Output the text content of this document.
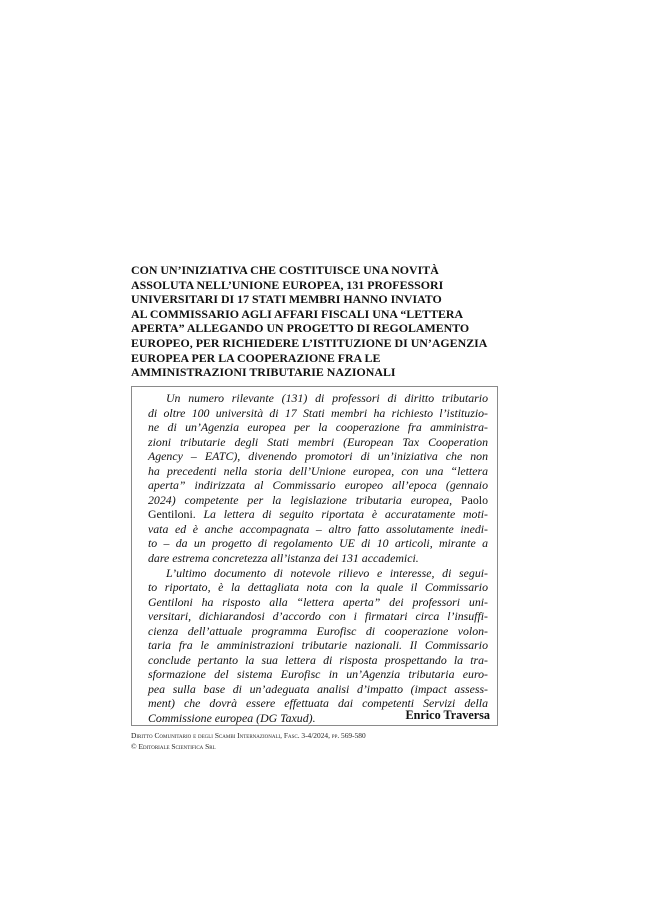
CON UN’INIZIATIVA CHE COSTITUISCE UNA NOVITÀ
ASSOLUTA NELL’UNIONE EUROPEA, 131 PROFESSORI
UNIVERSITARI DI 17 STATI MEMBRI HANNO INVIATO
AL COMMISSARIO AGLI AFFARI FISCALI UNA “LETTERA
APERTA” ALLEGANDO UN PROGETTO DI REGOLAMENTO
EUROPEO, PER RICHIEDERE L’ISTITUZIONE DI UN’AGENZIA
EUROPEA PER LA COOPERAZIONE FRA LE
AMMINISTRAZIONI TRIBUTARIE NAZIONALI
Un numero rilevante (131) di professori di diritto tributario
di oltre 100 università di 17 Stati membri ha richiesto l’istituzio-
ne di un’Agenzia europea per la cooperazione fra amministra-
zioni tributarie degli Stati membri (European Tax Cooperation
Agency – EATC), divenendo promotori di un’iniziativa che non
ha precedenti nella storia dell’Unione europea, con una “lettera
aperta” indirizzata al Commissario europeo all’epoca (gennaio
2024) competente per la legislazione tributaria europea, Paolo
Gentiloni. La lettera di seguito riportata è accuratamente moti-
vata ed è anche accompagnata – altro fatto assolutamente inedi-
to – da un progetto di regolamento UE di 10 articoli, mirante a
dare estrema concretezza all’istanza dei 131 accademici.
L’ultimo documento di notevole rilievo e interesse, di segui-
to riportato, è la dettagliata nota con la quale il Commissario
Gentiloni ha risposto alla “lettera aperta” dei professori uni-
versitari, dichiarandosi d’accordo con i firmatari circa l’insuffi-
cienza dell’attuale programma Eurofisc di cooperazione volon-
taria fra le amministrazioni tributarie nazionali. Il Commissario
conclude pertanto la sua lettera di risposta prospettando la tra-
sformazione del sistema Eurofisc in un’Agenzia tributaria euro-
pea sulla base di un’adeguata analisi d’impatto (impact assess-
ment) che dovrà essere effettuata dai competenti Servizi della
Commissione europea (DG Taxud).	Enrico Traversa

Diritto Comunitario e degli Scambi Internazionali, Fasc. 3-4/2024, pp. 569-580
© Editoriale Scientifica Srl
